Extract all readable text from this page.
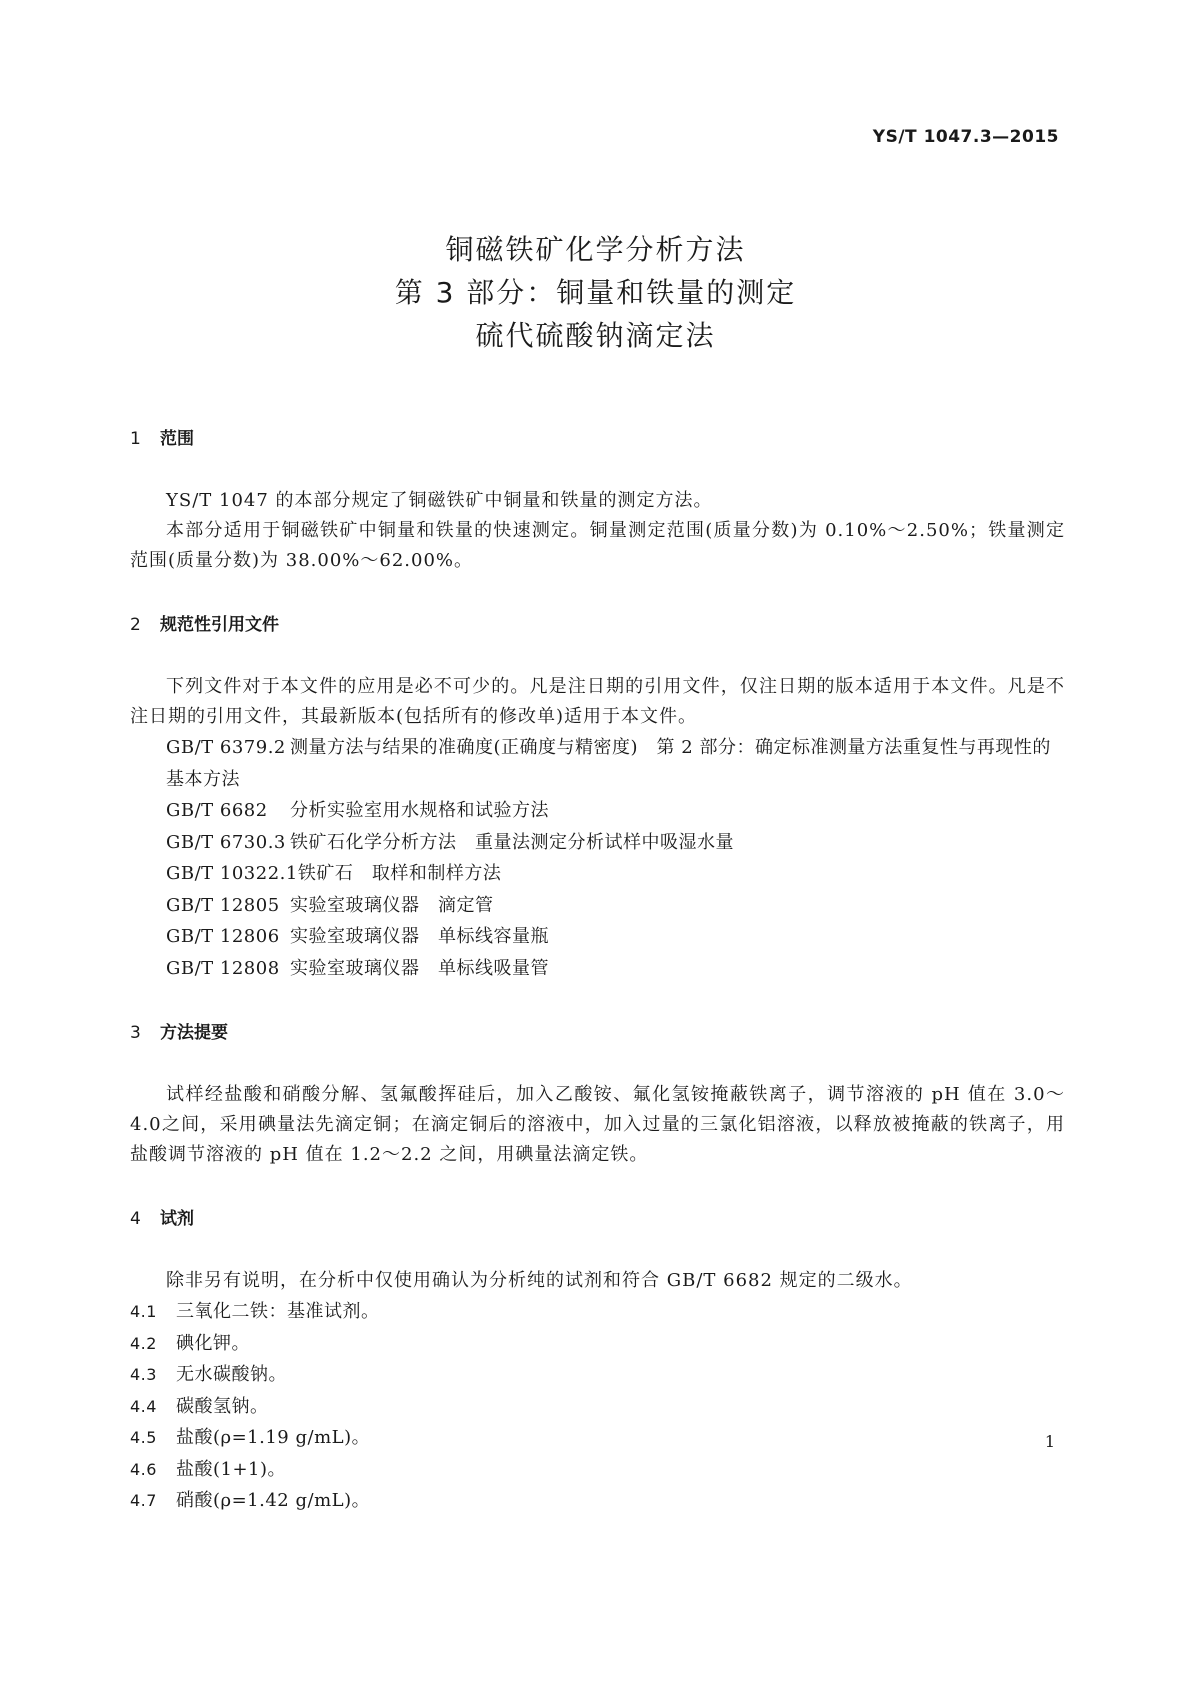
YS/T 1047.3—2015
铜磁铁矿化学分析方法
第 3 部分：铜量和铁量的测定
硫代硫酸钠滴定法
1 范围
YS/T 1047 的本部分规定了铜磁铁矿中铜量和铁量的测定方法。
本部分适用于铜磁铁矿中铜量和铁量的快速测定。铜量测定范围(质量分数)为 0.10%～2.50%；铁量测定范围(质量分数)为 38.00%～62.00%。
2 规范性引用文件
下列文件对于本文件的应用是必不可少的。凡是注日期的引用文件，仅注日期的版本适用于本文件。凡是不注日期的引用文件，其最新版本(包括所有的修改单)适用于本文件。
GB/T 6379.2 测量方法与结果的准确度(正确度与精密度)　第 2 部分：确定标准测量方法重复性与再现性的基本方法
GB/T 6682 分析实验室用水规格和试验方法
GB/T 6730.3 铁矿石化学分析方法　重量法测定分析试样中吸湿水量
GB/T 10322.1铁矿石　取样和制样方法
GB/T 12805 实验室玻璃仪器　滴定管
GB/T 12806 实验室玻璃仪器　单标线容量瓶
GB/T 12808 实验室玻璃仪器　单标线吸量管
3 方法提要
试样经盐酸和硝酸分解、氢氟酸挥硅后，加入乙酸铵、氟化氢铵掩蔽铁离子，调节溶液的 pH 值在 3.0～4.0之间，采用碘量法先滴定铜；在滴定铜后的溶液中，加入过量的三氯化铝溶液，以释放被掩蔽的铁离子，用盐酸调节溶液的 pH 值在 1.2～2.2 之间，用碘量法滴定铁。
4 试剂
除非另有说明，在分析中仅使用确认为分析纯的试剂和符合 GB/T 6682 规定的二级水。
4.1 三氧化二铁：基准试剂。
4.2 碘化钾。
4.3 无水碳酸钠。
4.4 碳酸氢钠。
4.5 盐酸(ρ=1.19 g/mL)。
4.6 盐酸(1+1)。
4.7 硝酸(ρ=1.42 g/mL)。
1
